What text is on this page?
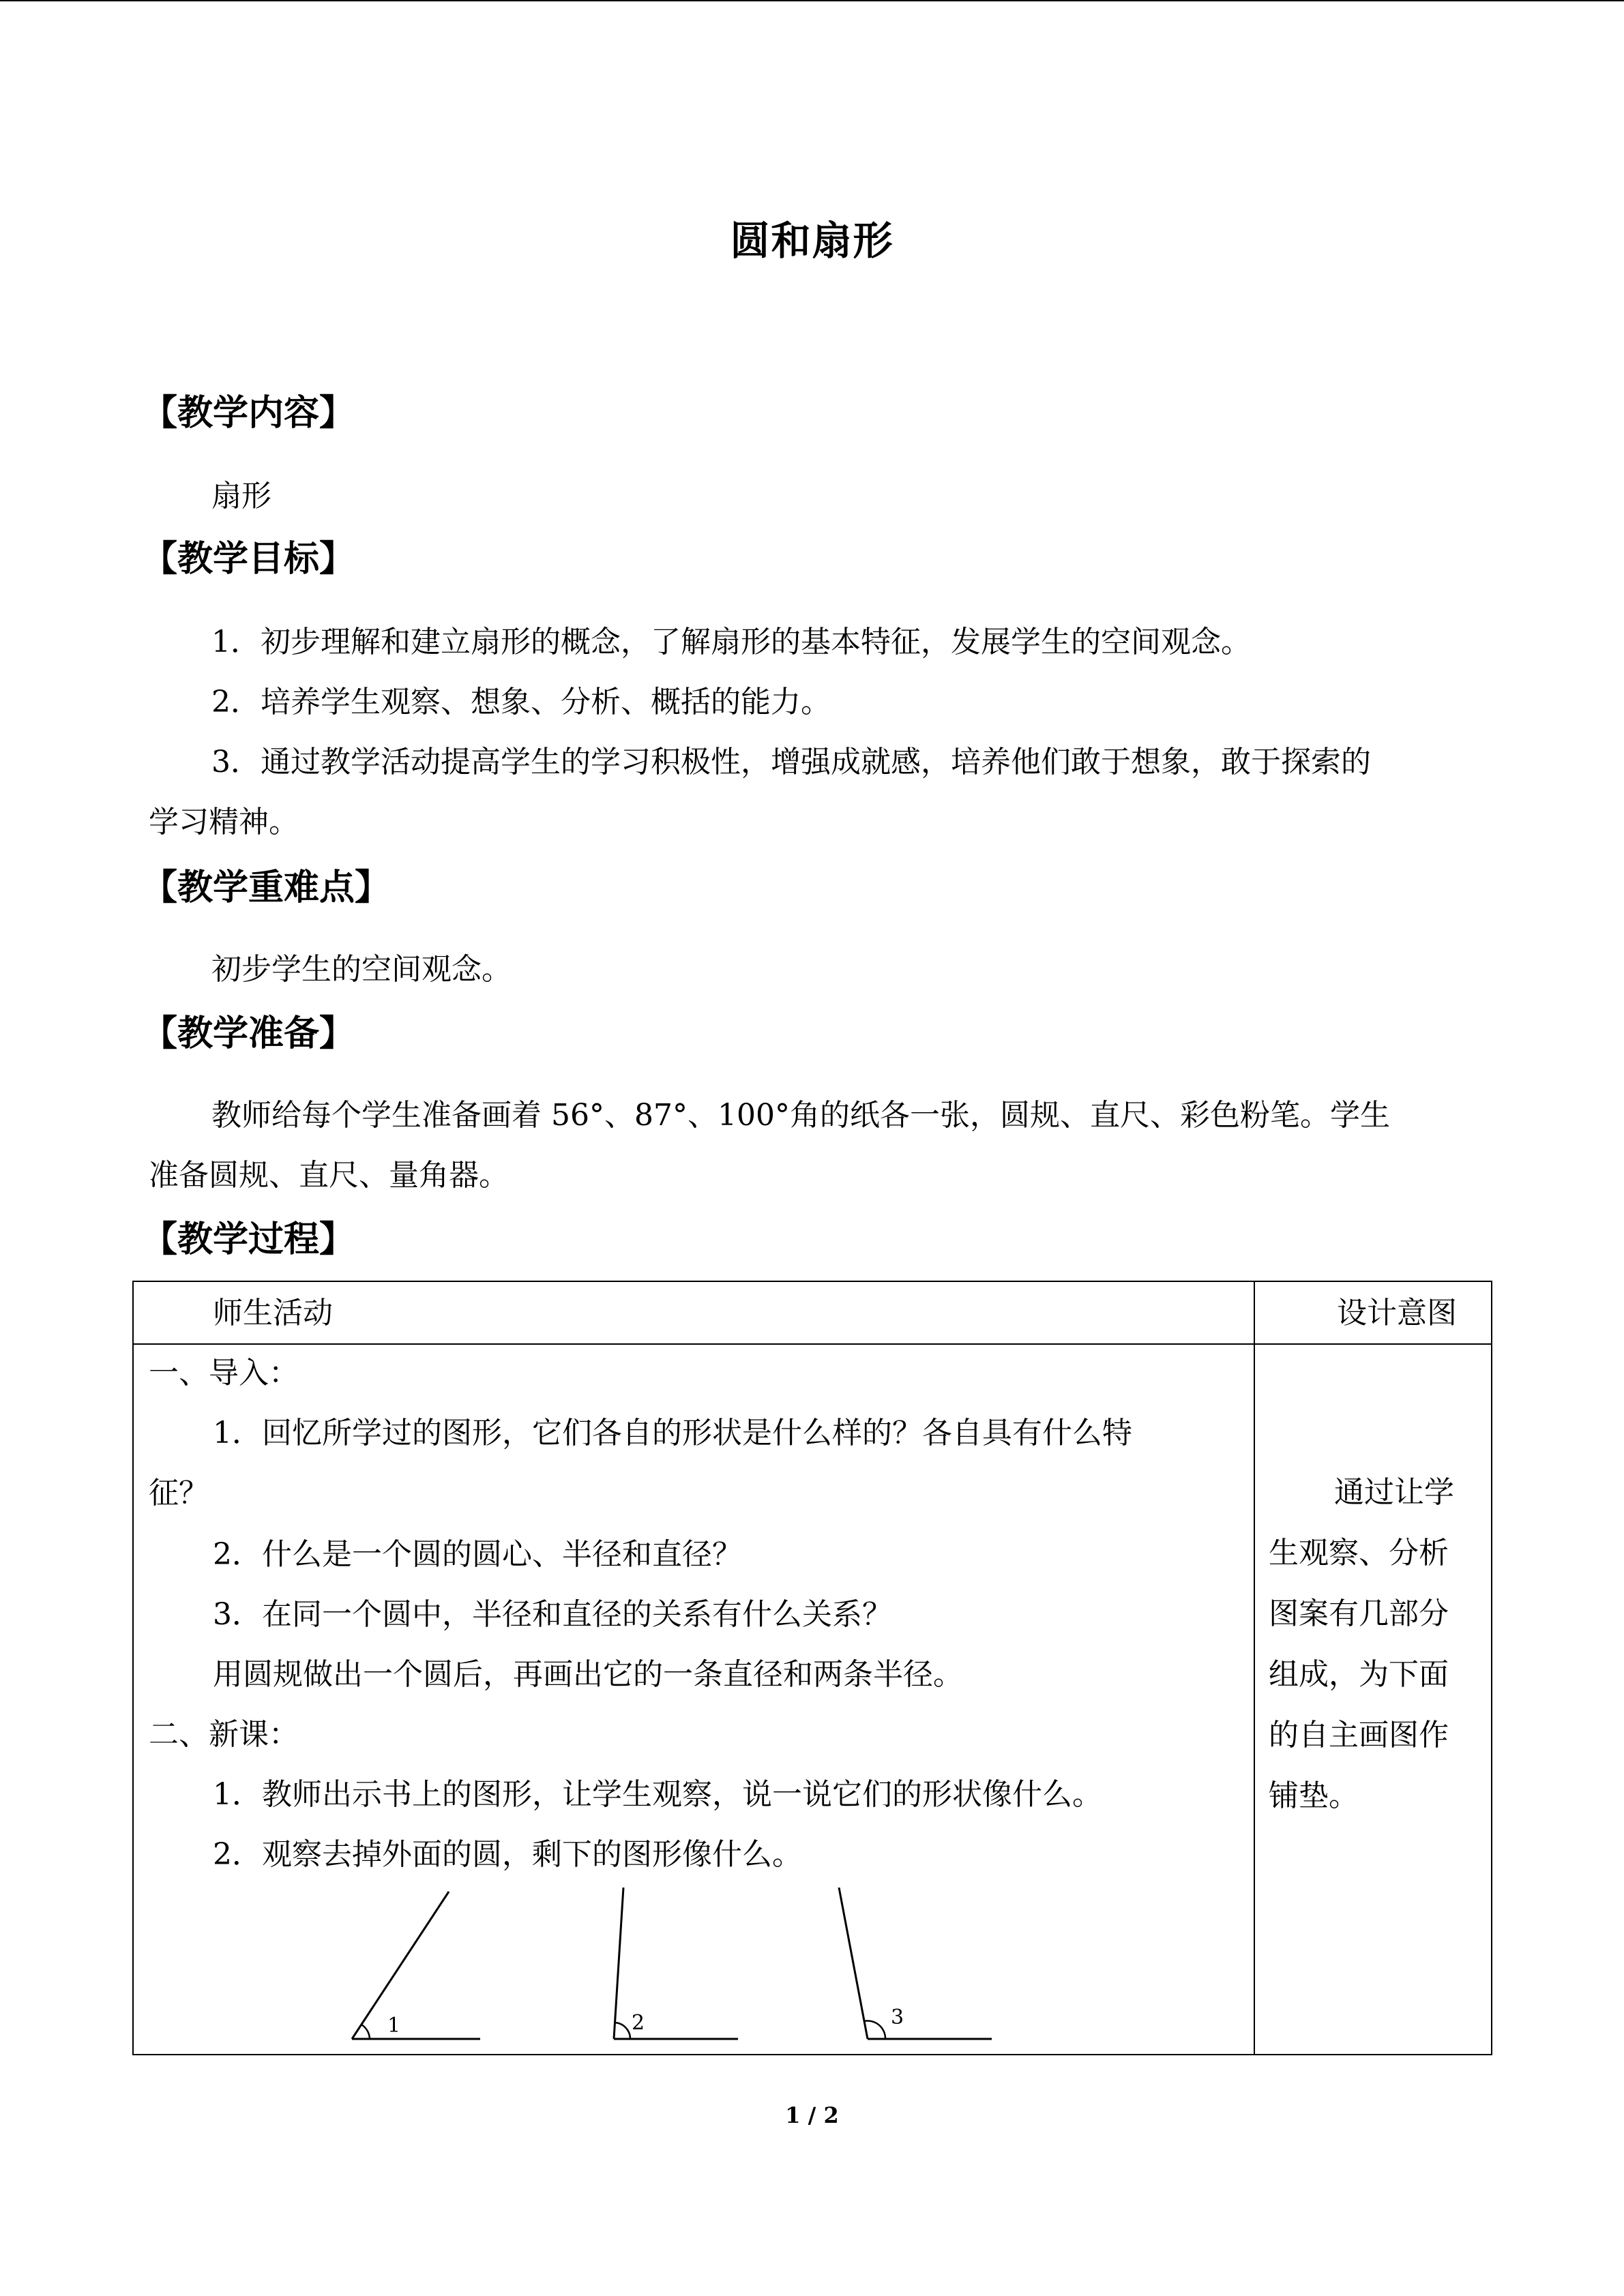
圆和扇形
【教学内容】
扇形
【教学目标】
1．初步理解和建立扇形的概念，了解扇形的基本特征，发展学生的空间观念。
2．培养学生观察、想象、分析、概括的能力。
3．通过教学活动提高学生的学习积极性，增强成就感，培养他们敢于想象，敢于探索的
学习精神。
【教学重难点】
初步学生的空间观念。
【教学准备】
教师给每个学生准备画着 56°、87°、100°角的纸各一张，圆规、直尺、彩色粉笔。学生
准备圆规、直尺、量角器。
【教学过程】
师生活动	设计意图
一、导入：
1．回忆所学过的图形，它们各自的形状是什么样的？各自具有什么特
征？
2．什么是一个圆的圆心、半径和直径？
3．在同一个圆中，半径和直径的关系有什么关系？
用圆规做出一个圆后，再画出它的一条直径和两条半径。
二、新课：
1．教师出示书上的图形，让学生观察，说一说它们的形状像什么。
2．观察去掉外面的圆，剩下的图形像什么。
1	2	3
通过让学
生观察、分析
图案有几部分
组成，为下面
的自主画图作
铺垫。
1 / 2
